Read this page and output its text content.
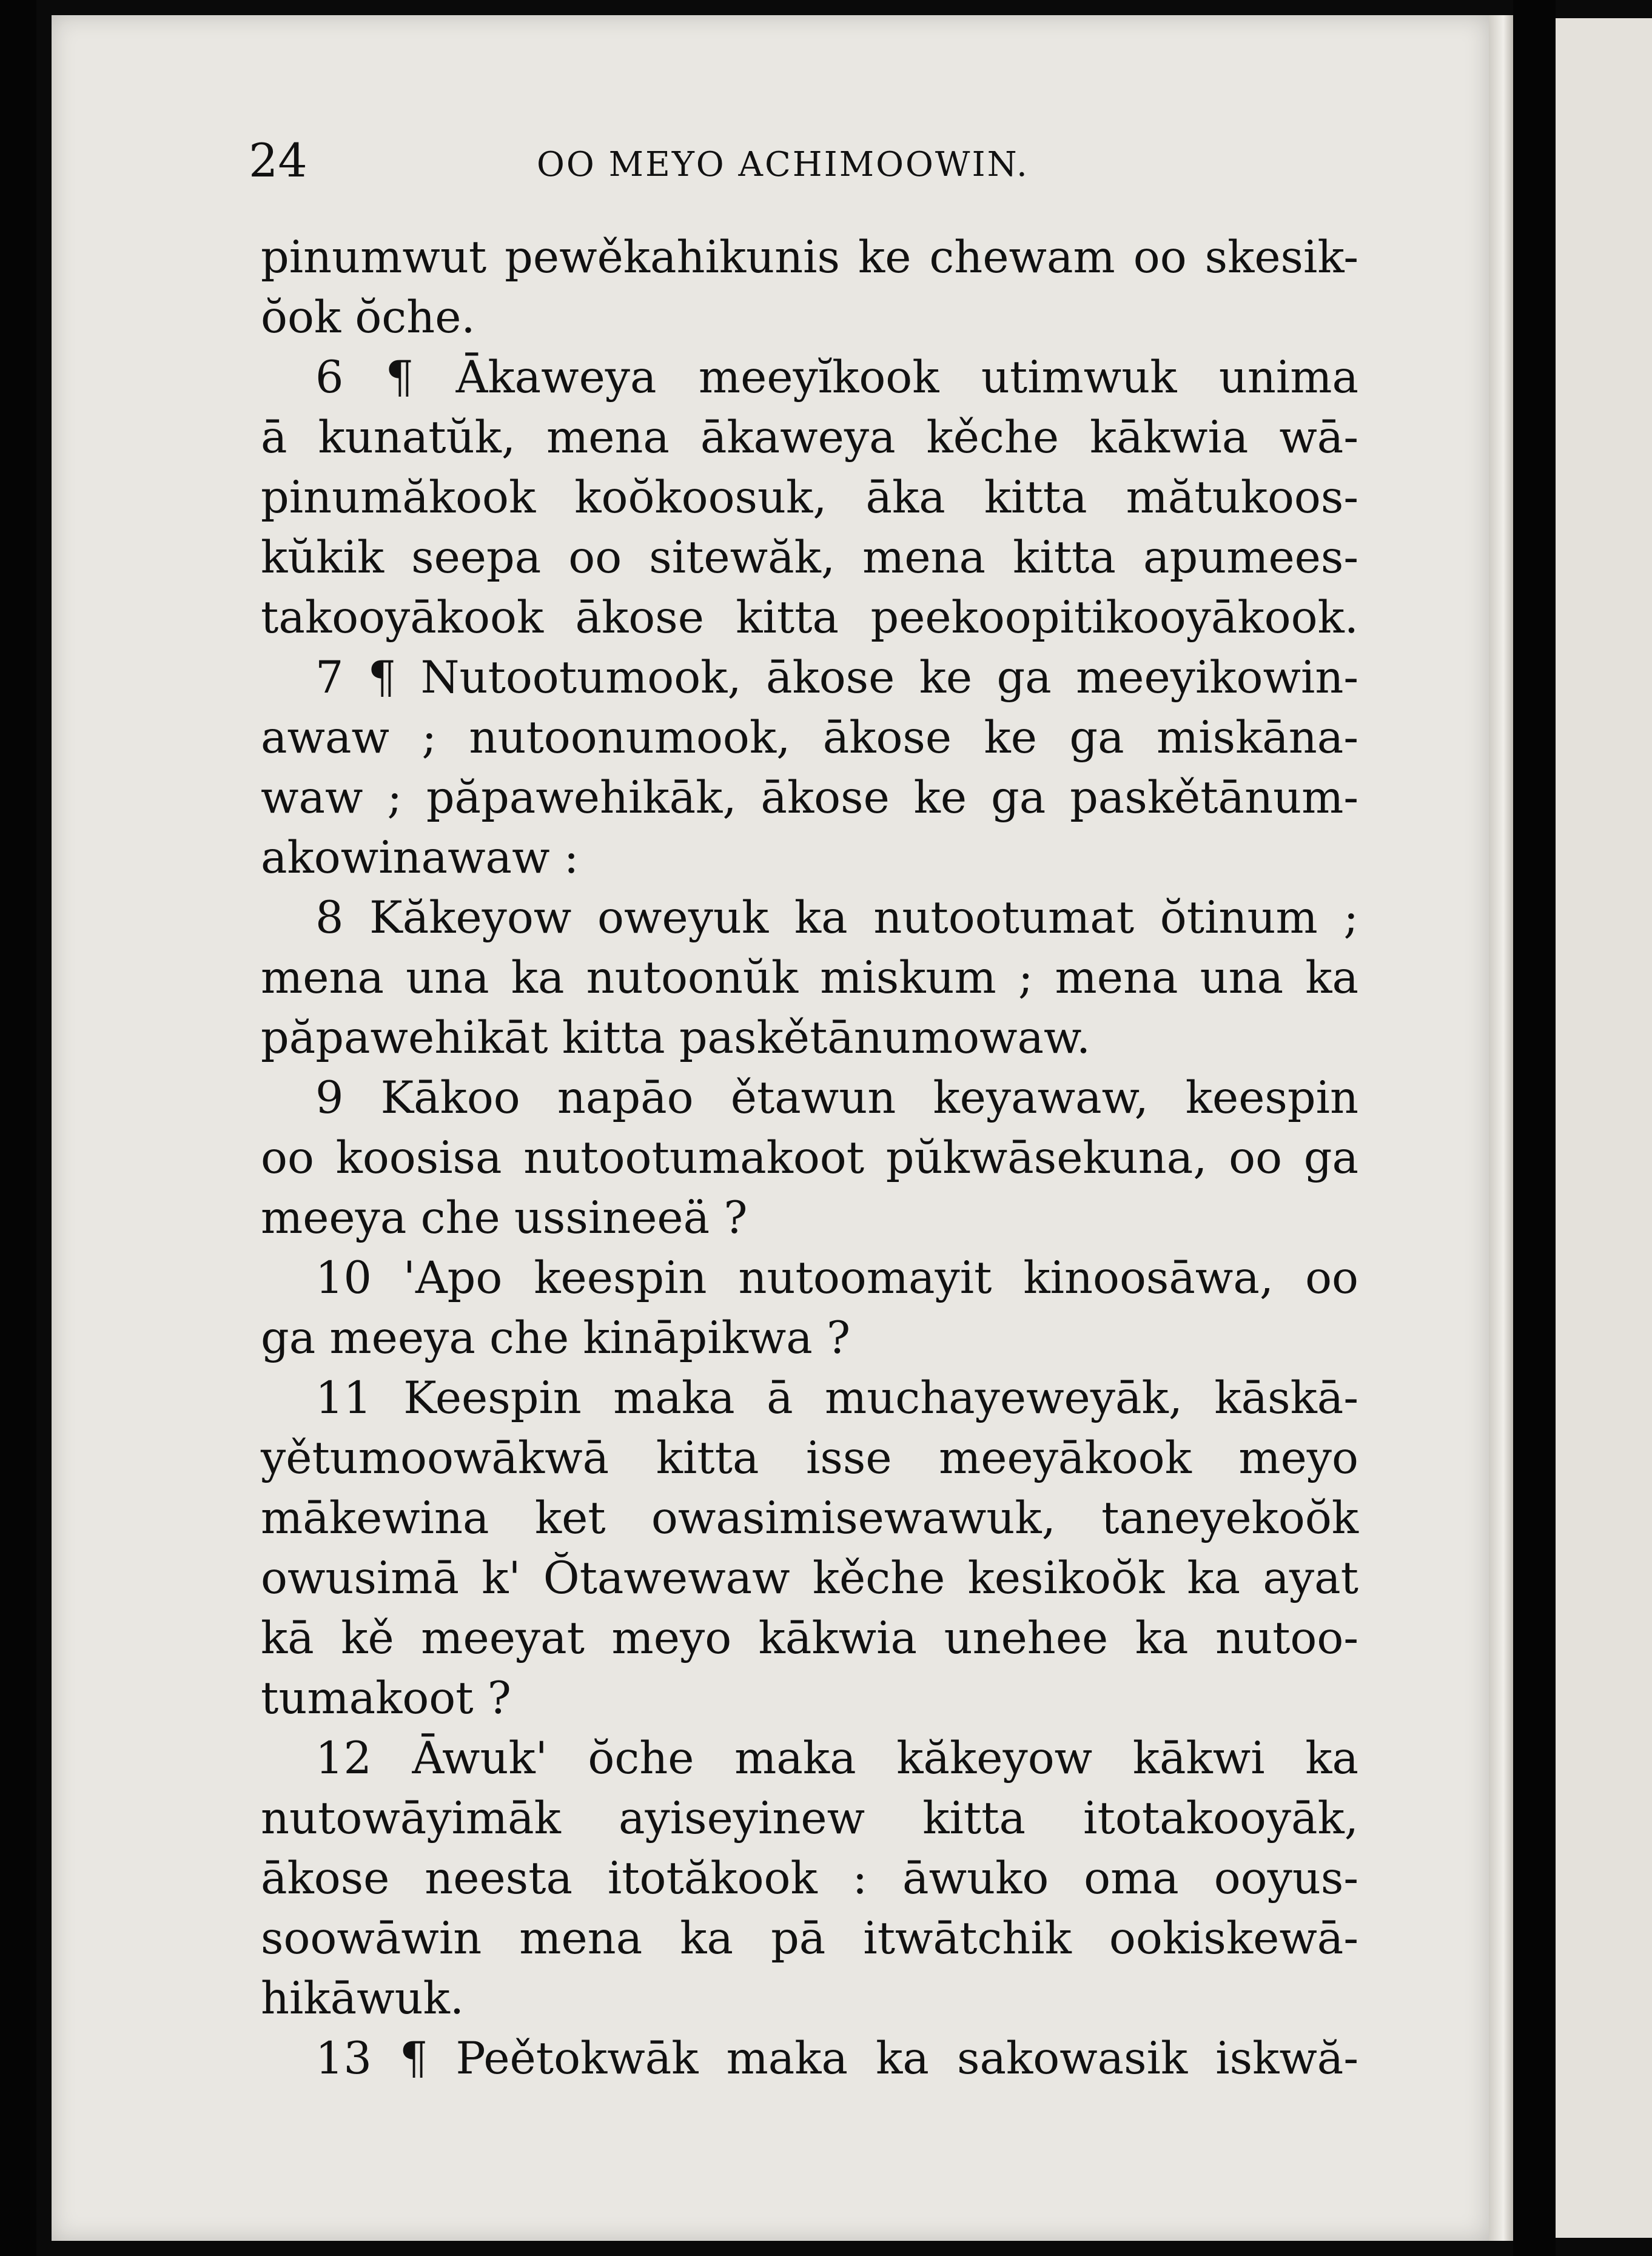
24	OO MEYO ACHIMOOWIN.
pinumwut pewěkahikunis ke chewam oo skesik-
ŏok ŏche.
6 ¶ Ākaweya meeyĭkook utimwuk unima
ā kunatŭk, mena ākaweya kěche kākwia wā-
pinumăkook koŏkoosuk, āka kitta mătukoos-
kŭkik seepa oo sitewăk, mena kitta apumees-
takooyākook ākose kitta peekoopitikooyākook.
7 ¶ Nutootumook, ākose ke ga meeyikowin-
awaw ; nutoonumook, ākose ke ga miskāna-
waw ; păpawehikāk, ākose ke ga paskětānum-
akowinawaw :
8 Kăkeyow oweyuk ka nutootumat ŏtinum ;
mena una ka nutoonŭk miskum ; mena una ka
păpawehikāt kitta paskětānumowaw.
9 Kākoo napāo ětawun keyawaw, keespin
oo koosisa nutootumakoot pŭkwāsekuna, oo ga
meeya che ussineeä ?
10 'Apo keespin nutoomayit kinoosāwa, oo
ga meeya che kināpikwa ?
11 Keespin maka ā muchayeweyāk, kāskā-
yětumoowākwā kitta isse meeyākook meyo
mākewina ket owasimisewawuk, taneyekoŏk
owusimā k' Ŏtawewaw kěche kesikoŏk ka ayat
kā kě meeyat meyo kākwia unehee ka nutoo-
tumakoot ?
12 Āwuk' ŏche maka kăkeyow kākwi ka
nutowāyimāk ayiseyinew kitta itotakooyāk,
ākose neesta itotăkook : āwuko oma ooyus-
soowāwin mena ka pā itwātchik ookiskewā-
hikāwuk.
13 ¶ Peětokwāk maka ka sakowasik iskwă-
